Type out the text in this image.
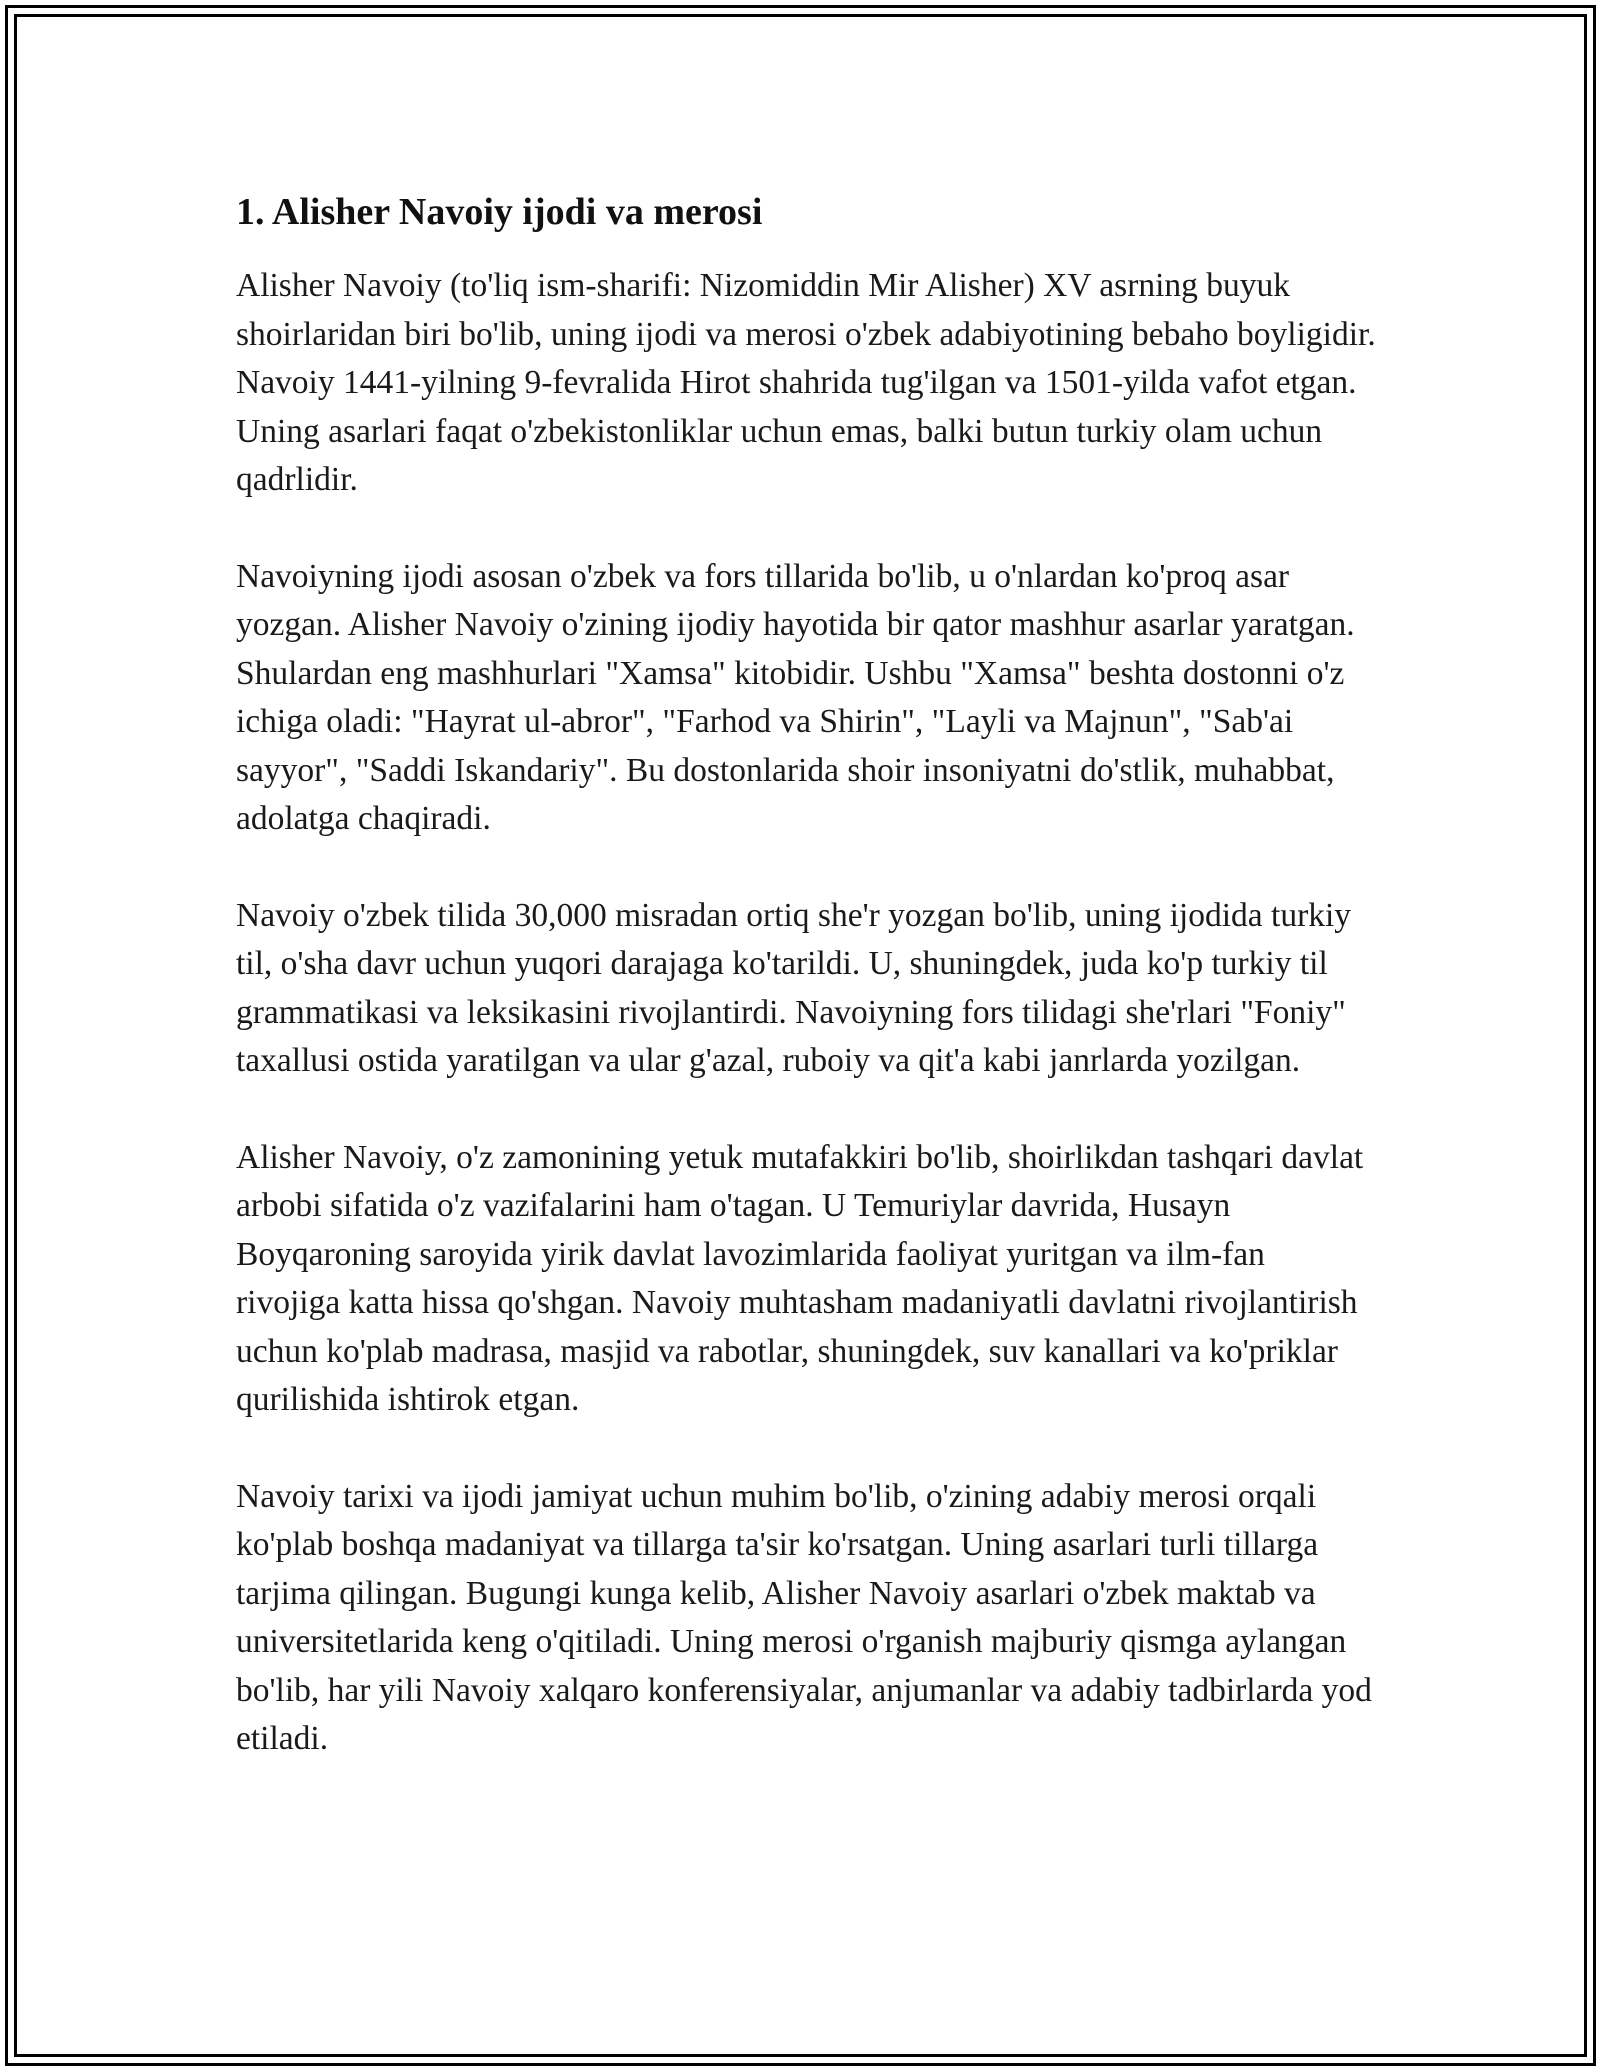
1. Alisher Navoiy ijodi va merosi

Alisher Navoiy (to'liq ism-sharifi: Nizomiddin Mir Alisher) XV asrning buyuk shoirlaridan biri bo'lib, uning ijodi va merosi o'zbek adabiyotining bebaho boyligidir. Navoiy 1441-yilning 9-fevralida Hirot shahrida tug'ilgan va 1501-yilda vafot etgan. Uning asarlari faqat o'zbekistonliklar uchun emas, balki butun turkiy olam uchun qadrlidir.

Navoiyning ijodi asosan o'zbek va fors tillarida bo'lib, u o'nlardan ko'proq asar yozgan. Alisher Navoiy o'zining ijodiy hayotida bir qator mashhur asarlar yaratgan. Shulardan eng mashhurlari "Xamsa" kitobidir. Ushbu "Xamsa" beshta dostonni o'z ichiga oladi: "Hayrat ul-abror", "Farhod va Shirin", "Layli va Majnun", "Sab'ai sayyor", "Saddi Iskandariy". Bu dostonlarida shoir insoniyatni do'stlik, muhabbat, adolatga chaqiradi.

Navoiy o'zbek tilida 30,000 misradan ortiq she'r yozgan bo'lib, uning ijodida turkiy til, o'sha davr uchun yuqori darajaga ko'tarildi. U, shuningdek, juda ko'p turkiy til grammatikasi va leksikasini rivojlantirdi. Navoiyning fors tilidagi she'rlari "Foniy" taxallusi ostida yaratilgan va ular g'azal, ruboiy va qit'a kabi janrlarda yozilgan.

Alisher Navoiy, o'z zamonining yetuk mutafakkiri bo'lib, shoirlikdan tashqari davlat arbobi sifatida o'z vazifalarini ham o'tagan. U Temuriylar davrida, Husayn Boyqaroning saroyida yirik davlat lavozimlarida faoliyat yuritgan va ilm-fan rivojiga katta hissa qo'shgan. Navoiy muhtasham madaniyatli davlatni rivojlantirish uchun ko'plab madrasa, masjid va rabotlar, shuningdek, suv kanallari va ko'priklar qurilishida ishtirok etgan.

Navoiy tarixi va ijodi jamiyat uchun muhim bo'lib, o'zining adabiy merosi orqali ko'plab boshqa madaniyat va tillarga ta'sir ko'rsatgan. Uning asarlari turli tillarga tarjima qilingan. Bugungi kunga kelib, Alisher Navoiy asarlari o'zbek maktab va universitetlarida keng o'qitiladi. Uning merosi o'rganish majburiy qismga aylangan bo'lib, har yili Navoiy xalqaro konferensiyalar, anjumanlar va adabiy tadbirlarda yod etiladi.
